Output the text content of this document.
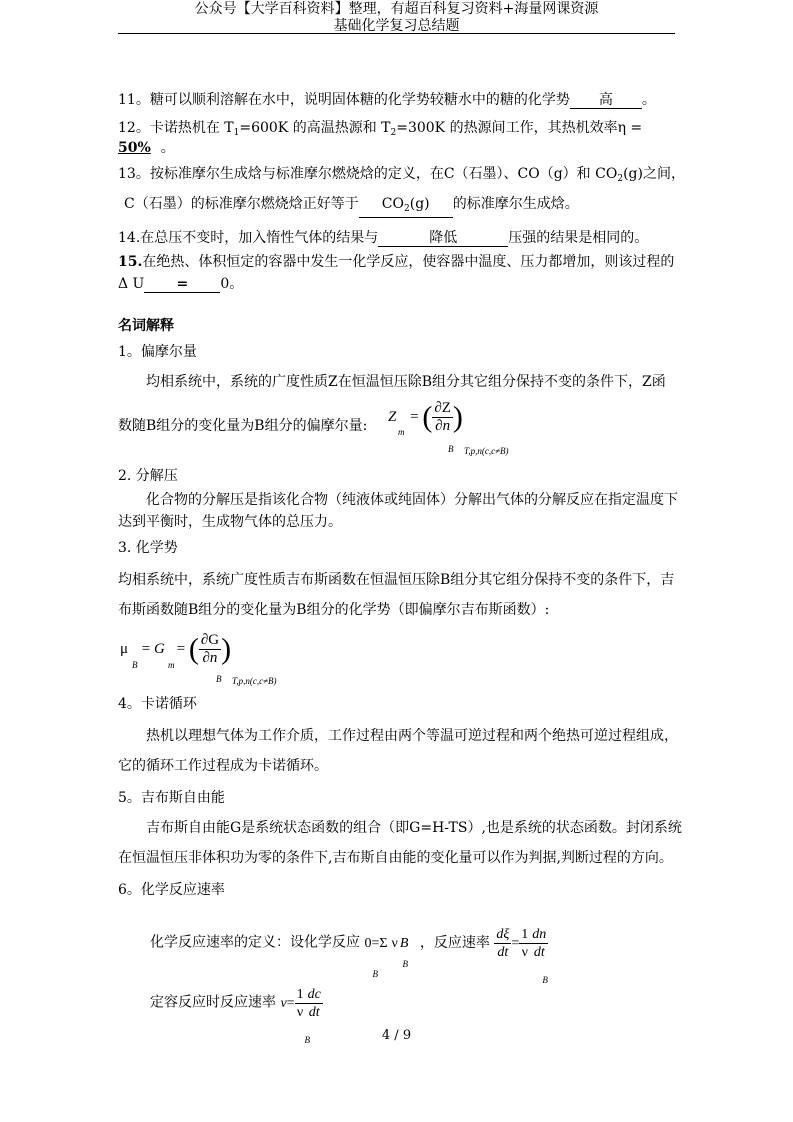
公众号【大学百科资料】整理，有超百科复习资料+海量网课资源
基础化学复习总结题
11。糖可以顺利溶解在水中，说明固体糖的化学势较糖水中的糖的化学势 高 。
12。卡诺热机在 $T_1=600K$ 的高温热源和 $T_2=300K$ 的热源间工作，其热机效率η =
50% 。
13。按标准摩尔生成焓与标准摩尔燃烧焓的定义，在C（石墨）、CO（g）和 $CO_2(g)$之间，
C（石墨）的标准摩尔燃烧焓正好等于 $CO_2(g)$ 的标准摩尔生成焓。
14.在总压不变时，加入惰性气体的结果与	降低	压强的结果是相同的。
15.在绝热、体积恒定的容器中发生一化学反应，使容器中温度、压力都增加，则该过程的
Δ U = 0。
名词解释
1。偏摩尔量
均相系统中，系统的广度性质Z在恒温恒压除B组分其它组分保持不变的条件下，Z函
数随B组分的变化量为B组分的偏摩尔量:
Z
m
= ( $\frac{\partial Z}{\partial n}$ )
B T,p,n(c,c≠B)
2. 分解压
化合物的分解压是指该化合物（纯液体或纯固体）分解出气体的分解反应在指定温度下
达到平衡时，生成物气体的总压力。
3. 化学势
均相系统中，系统广度性质吉布斯函数在恒温恒压除B组分其它组分保持不变的条件下，吉
布斯函数随B组分的变化量为B组分的化学势（即偏摩尔吉布斯函数）:
μ
B
= G
m
= ( $\frac{\partial G}{\partial n}$ )
B T,p,n(c,c≠B)
4。卡诺循环
热机以理想气体为工作介质，工作过程由两个等温可逆过程和两个绝热可逆过程组成，
它的循环工作过程成为卡诺循环。
5。吉布斯自由能
吉布斯自由能G是系统状态函数的组合（即G=H-TS）,也是系统的状态函数。封闭系统
在恒温恒压非体积功为零的条件下,吉布斯自由能的变化量可以作为判据,判断过程的方向。
6。化学反应速率
化学反应速率的定义：设化学反应 0=Σ ν B
B
B
，反应速率 $\frac{d\xi}{dt} = \frac{1}{\nu} \frac{dn}{dt}$
B
定容反应时反应速率 $v= \frac{1}{\nu} \frac{dc}{dt}$
B	4 / 9
